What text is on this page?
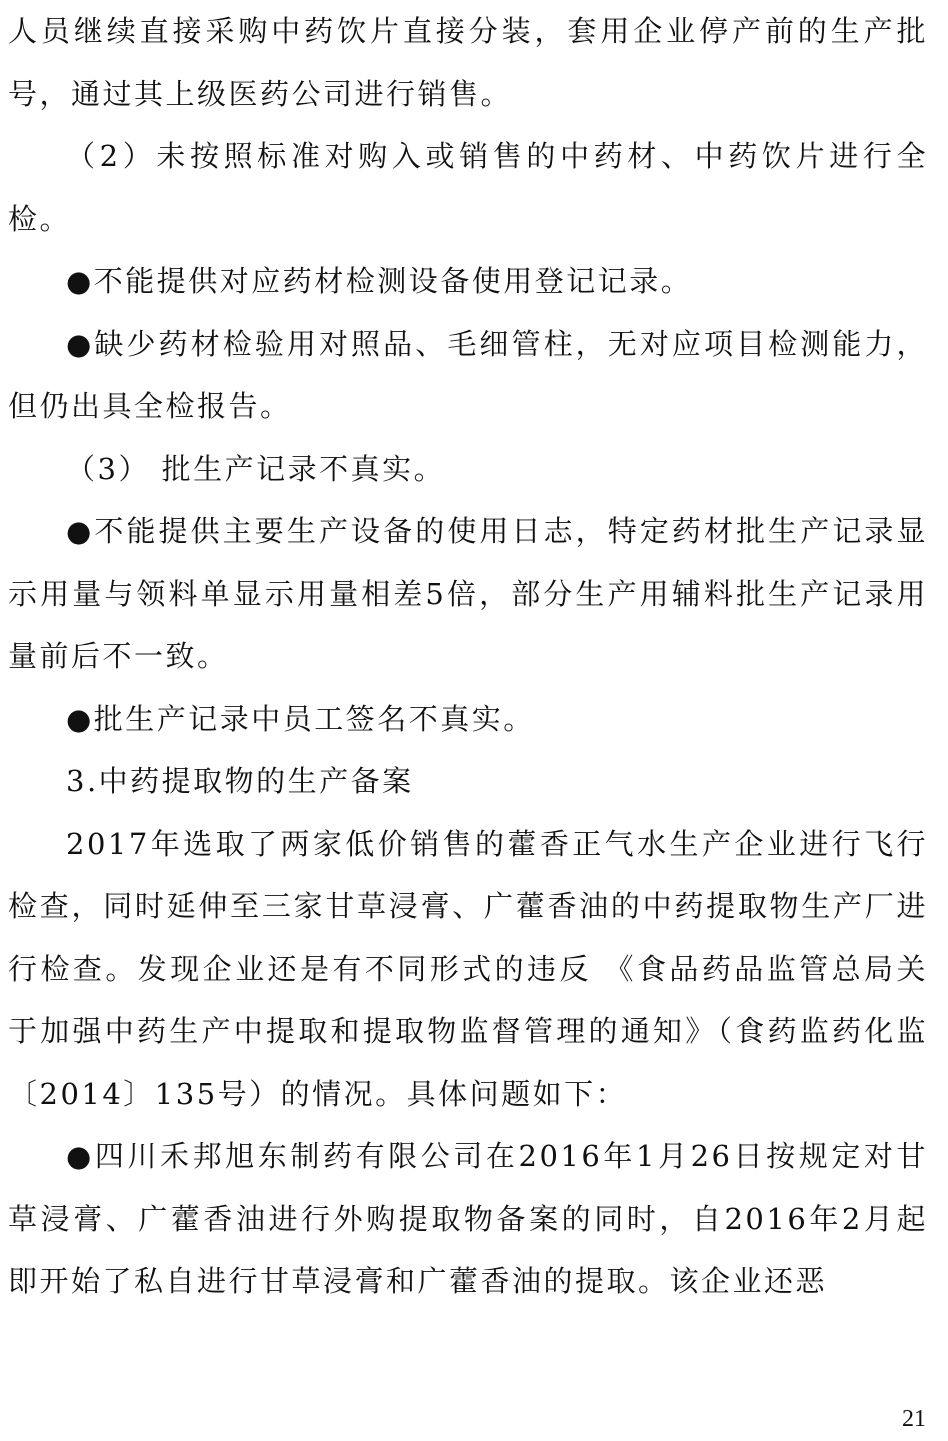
人员继续直接采购中药饮片直接分装，套用企业停产前的生产批号，通过其上级医药公司进行销售。

（2）未按照标准对购入或销售的中药材、中药饮片进行全检。

●不能提供对应药材检测设备使用登记记录。

●缺少药材检验用对照品、毛细管柱，无对应项目检测能力，但仍出具全检报告。

（3） 批生产记录不真实。

●不能提供主要生产设备的使用日志，特定药材批生产记录显示用量与领料单显示用量相差5倍，部分生产用辅料批生产记录用量前后不一致。

●批生产记录中员工签名不真实。

3.中药提取物的生产备案

2017年选取了两家低价销售的藿香正气水生产企业进行飞行检查，同时延伸至三家甘草浸膏、广藿香油的中药提取物生产厂进行检查。发现企业还是有不同形式的违反 《食品药品监管总局关于加强中药生产中提取和提取物监督管理的通知》（食药监药化监〔2014〕135号）的情况。具体问题如下：

●四川禾邦旭东制药有限公司在2016年1月26日按规定对甘草浸膏、广藿香油进行外购提取物备案的同时，自2016年2月起即开始了私自进行甘草浸膏和广藿香油的提取。该企业还恶

21
